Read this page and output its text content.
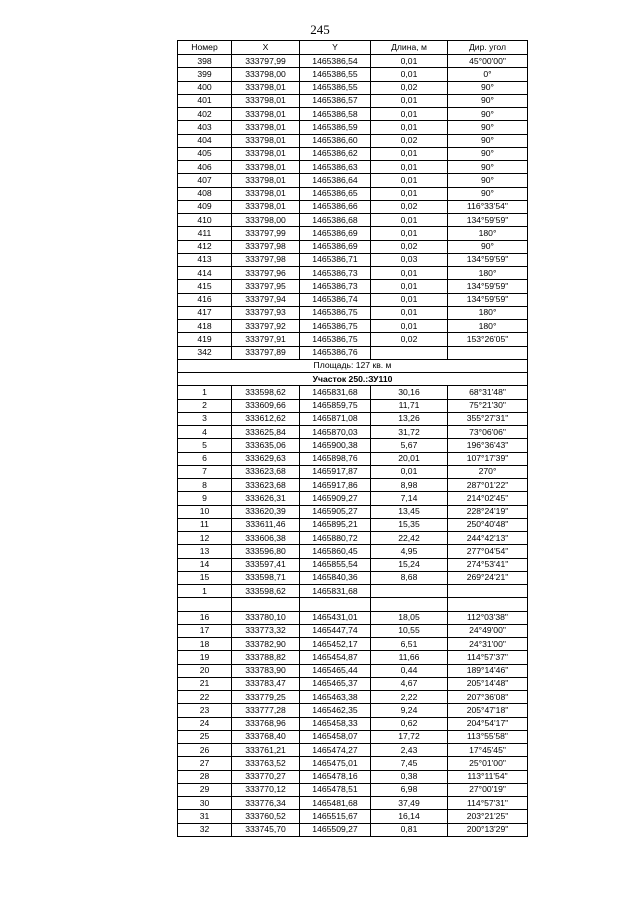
245
Номер	X	Y	Длина, м	Дир. угол
398	333797,99	1465386,54	0,01	45°00'00"
399	333798,00	1465386,55	0,01	0°
400	333798,01	1465386,55	0,02	90°
401	333798,01	1465386,57	0,01	90°
402	333798,01	1465386,58	0,01	90°
403	333798,01	1465386,59	0,01	90°
404	333798,01	1465386,60	0,02	90°
405	333798,01	1465386,62	0,01	90°
406	333798,01	1465386,63	0,01	90°
407	333798,01	1465386,64	0,01	90°
408	333798,01	1465386,65	0,01	90°
409	333798,01	1465386,66	0,02	116°33'54"
410	333798,00	1465386,68	0,01	134°59'59"
411	333797,99	1465386,69	0,01	180°
412	333797,98	1465386,69	0,02	90°
413	333797,98	1465386,71	0,03	134°59'59"
414	333797,96	1465386,73	0,01	180°
415	333797,95	1465386,73	0,01	134°59'59"
416	333797,94	1465386,74	0,01	134°59'59"
417	333797,93	1465386,75	0,01	180°
418	333797,92	1465386,75	0,01	180°
419	333797,91	1465386,75	0,02	153°26'05"
342	333797,89	1465386,76		
Площадь: 127 кв. м				
Участок 250.:ЗУ110				
1	333598,62	1465831,68	30,16	68°31'48"
2	333609,66	1465859,75	11,71	75°21'30"
3	333612,62	1465871,08	13,26	355°27'31"
4	333625,84	1465870,03	31,72	73°06'06"
5	333635,06	1465900,38	5,67	196°36'43"
6	333629,63	1465898,76	20,01	107°17'39"
7	333623,68	1465917,87	0,01	270°
8	333623,68	1465917,86	8,98	287°01'22"
9	333626,31	1465909,27	7,14	214°02'45"
10	333620,39	1465905,27	13,45	228°24'19"
11	333611,46	1465895,21	15,35	250°40'48"
12	333606,38	1465880,72	22,42	244°42'13"
13	333596,80	1465860,45	4,95	277°04'54"
14	333597,41	1465855,54	15,24	274°53'41"
15	333598,71	1465840,36	8,68	269°24'21"
1	333598,62	1465831,68		

16	333780,10	1465431,01	18,05	112°03'38"
17	333773,32	1465447,74	10,55	24°49'00"
18	333782,90	1465452,17	6,51	24°31'00"
19	333788,82	1465454,87	11,66	114°57'37"
20	333783,90	1465465,44	0,44	189°14'46"
21	333783,47	1465465,37	4,67	205°14'48"
22	333779,25	1465463,38	2,22	207°36'08"
23	333777,28	1465462,35	9,24	205°47'18"
24	333768,96	1465458,33	0,62	204°54'17"
25	333768,40	1465458,07	17,72	113°55'58"
26	333761,21	1465474,27	2,43	17°45'45"
27	333763,52	1465475,01	7,45	25°01'00"
28	333770,27	1465478,16	0,38	113°11'54"
29	333770,12	1465478,51	6,98	27°00'19"
30	333776,34	1465481,68	37,49	114°57'31"
31	333760,52	1465515,67	16,14	203°21'25"
32	333745,70	1465509,27	0,81	200°13'29"
